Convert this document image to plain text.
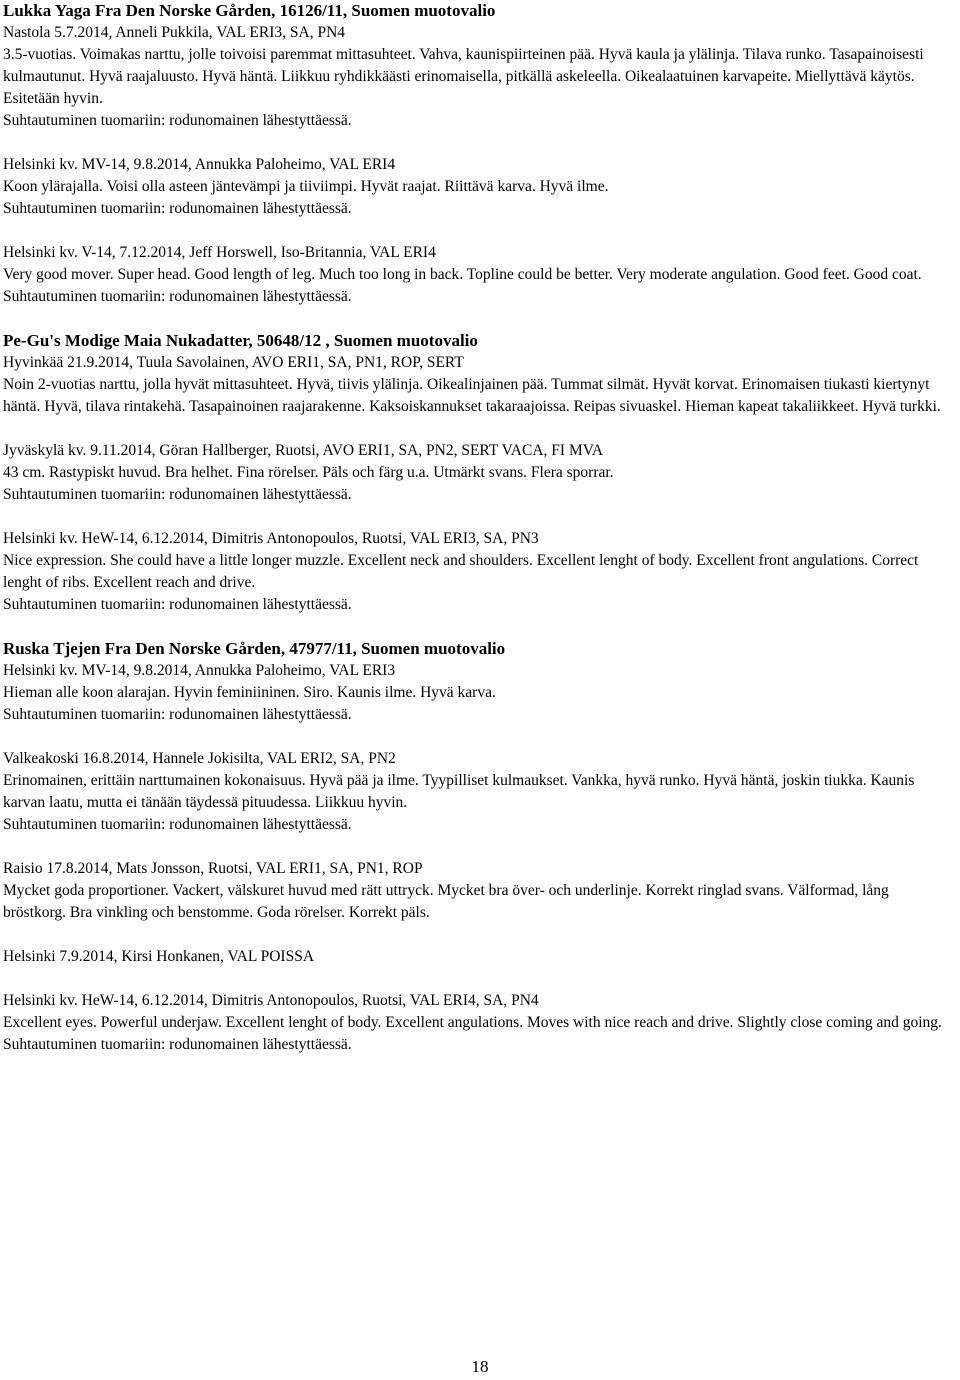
Lukka Yaga Fra Den Norske Gården, 16126/11, Suomen muotovalio
Nastola 5.7.2014, Anneli Pukkila, VAL ERI3, SA, PN4
3.5-vuotias. Voimakas narttu, jolle toivoisi paremmat mittasuhteet. Vahva, kaunispiirteinen pää. Hyvä kaula ja ylälinja. Tilava runko. Tasapainoisesti kulmautunut. Hyvä raajaluusto. Hyvä häntä. Liikkuu ryhdikkäästi erinomaisella, pitkällä askeleella. Oikealaatuinen karvapeite. Miellyttävä käytös. Esitetään hyvin.
Suhtautuminen tuomariin: rodunomainen lähestyttäessä.
Helsinki kv. MV-14, 9.8.2014, Annukka Paloheimo, VAL ERI4
Koon ylärajalla. Voisi olla asteen jäntevämpi ja tiiviimpi. Hyvät raajat. Riittävä karva. Hyvä ilme.
Suhtautuminen tuomariin: rodunomainen lähestyttäessä.
Helsinki kv. V-14, 7.12.2014, Jeff Horswell, Iso-Britannia, VAL ERI4
Very good mover. Super head. Good length of leg. Much too long in back. Topline could be better. Very moderate angulation. Good feet. Good coat.
Suhtautuminen tuomariin: rodunomainen lähestyttäessä.
Pe-Gu's Modige Maia Nukadatter, 50648/12 , Suomen muotovalio
Hyvinkää 21.9.2014, Tuula Savolainen, AVO ERI1, SA, PN1, ROP, SERT
Noin 2-vuotias narttu, jolla hyvät mittasuhteet. Hyvä, tiivis ylälinja. Oikealinjainen pää. Tummat silmät. Hyvät korvat. Erinomaisen tiukasti kiertynyt häntä. Hyvä, tilava rintakehä. Tasapainoinen raajarakenne. Kaksoiskannukset takaraajoissa. Reipas sivuaskel. Hieman kapeat takaliikkeet. Hyvä turkki.
Jyväskylä kv. 9.11.2014, Göran Hallberger, Ruotsi, AVO ERI1, SA, PN2, SERT VACA, FI MVA
43 cm. Rastypiskt huvud. Bra helhet. Fina rörelser. Päls och färg u.a. Utmärkt svans. Flera sporrar.
Suhtautuminen tuomariin: rodunomainen lähestyttäessä.
Helsinki kv. HeW-14, 6.12.2014, Dimitris Antonopoulos, Ruotsi, VAL ERI3, SA, PN3
Nice expression. She could have a little longer muzzle. Excellent neck and shoulders. Excellent lenght of body. Excellent front angulations. Correct lenght of ribs. Excellent reach and drive.
Suhtautuminen tuomariin: rodunomainen lähestyttäessä.
Ruska Tjejen Fra Den Norske Gården, 47977/11, Suomen muotovalio
Helsinki kv. MV-14, 9.8.2014, Annukka Paloheimo, VAL ERI3
Hieman alle koon alarajan. Hyvin feminiininen. Siro. Kaunis ilme. Hyvä karva.
Suhtautuminen tuomariin: rodunomainen lähestyttäessä.
Valkeakoski 16.8.2014, Hannele Jokisilta, VAL ERI2, SA, PN2
Erinomainen, erittäin narttumainen kokonaisuus. Hyvä pää ja ilme. Tyypilliset kulmaukset. Vankka, hyvä runko. Hyvä häntä, joskin tiukka. Kaunis karvan laatu, mutta ei tänään täydessä pituudessa. Liikkuu hyvin.
Suhtautuminen tuomariin: rodunomainen lähestyttäessä.
Raisio 17.8.2014, Mats Jonsson, Ruotsi, VAL ERI1, SA, PN1, ROP
Mycket goda proportioner. Vackert, välskuret huvud med rätt uttryck. Mycket bra över- och underlinje. Korrekt ringlad svans. Välformad, lång bröstkorg. Bra vinkling och benstomme. Goda rörelser. Korrekt päls.
Helsinki 7.9.2014, Kirsi Honkanen, VAL POISSA
Helsinki kv. HeW-14, 6.12.2014, Dimitris Antonopoulos, Ruotsi, VAL ERI4, SA, PN4
Excellent eyes. Powerful underjaw. Excellent lenght of body. Excellent angulations. Moves with nice reach and drive. Slightly close coming and going.
Suhtautuminen tuomariin: rodunomainen lähestyttäessä.
18
